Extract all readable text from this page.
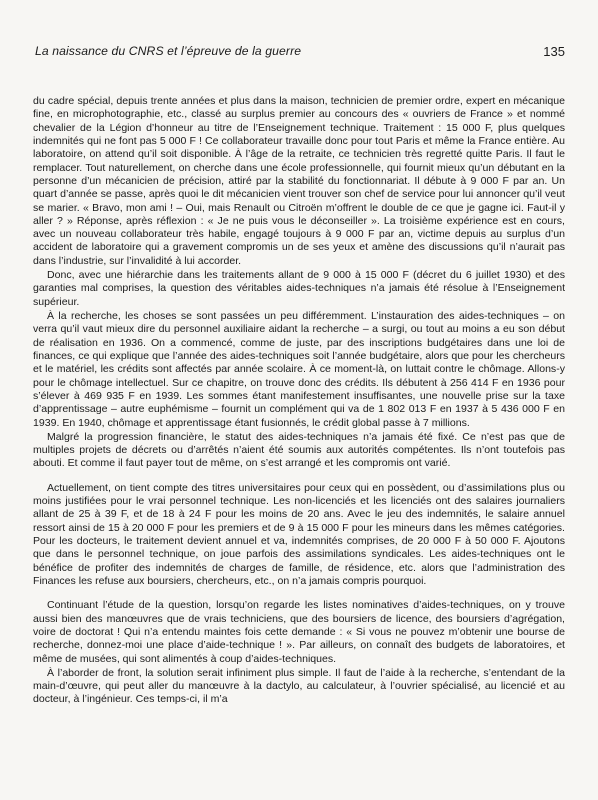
La naissance du CNRS et l’épreuve de la guerre	135

du cadre spécial, depuis trente années et plus dans la maison, technicien de premier ordre, expert en mécanique fine, en microphotographie, etc., classé au surplus premier au concours des « ouvriers de France » et nommé chevalier de la Légion d’honneur au titre de l’Enseignement technique. Traitement : 15 000 F, plus quelques indemnités qui ne font pas 5 000 F ! Ce collaborateur travaille donc pour tout Paris et même la France entière. Au laboratoire, on attend qu’il soit disponible. À l’âge de la retraite, ce technicien très regretté quitte Paris. Il faut le remplacer. Tout naturellement, on cherche dans une école professionnelle, qui fournit mieux qu’un débutant en la personne d’un mécanicien de précision, attiré par la stabilité du fonctionnariat. Il débute à 9 000 F par an. Un quart d’année se passe, après quoi le dit mécanicien vient trouver son chef de service pour lui annoncer qu’il veut se marier. « Bravo, mon ami ! – Oui, mais Renault ou Citroën m’offrent le double de ce que je gagne ici. Faut-il y aller ? » Réponse, après réflexion : « Je ne puis vous le déconseiller ». La troisième expérience est en cours, avec un nouveau collaborateur très habile, engagé toujours à 9 000 F par an, victime depuis au surplus d’un accident de laboratoire qui a gravement compromis un de ses yeux et amène des discussions qu’il n’aurait pas dans l’industrie, sur l’invalidité à lui accorder.

Donc, avec une hiérarchie dans les traitements allant de 9 000 à 15 000 F (décret du 6 juillet 1930) et des garanties mal comprises, la question des véritables aides-techniques n’a jamais été résolue à l’Enseignement supérieur.

À la recherche, les choses se sont passées un peu différemment. L’instauration des aides-techniques – on verra qu’il vaut mieux dire du personnel auxiliaire aidant la recherche – a surgi, ou tout au moins a eu son début de réalisation en 1936. On a commencé, comme de juste, par des inscriptions budgétaires dans une loi de finances, ce qui explique que l’année des aides-techniques soit l’année budgétaire, alors que pour les chercheurs et le matériel, les crédits sont affectés par année scolaire. À ce moment-là, on luttait contre le chômage. Allons-y pour le chômage intellectuel. Sur ce chapitre, on trouve donc des crédits. Ils débutent à 256 414 F en 1936 pour s’élever à 469 935 F en 1939. Les sommes étant manifestement insuffisantes, une nouvelle prise sur la taxe d’apprentissage – autre euphémisme – fournit un complément qui va de 1 802 013 F en 1937 à 5 436 000 F en 1939. En 1940, chômage et apprentissage étant fusionnés, le crédit global passe à 7 millions.

Malgré la progression financière, le statut des aides-techniques n’a jamais été fixé. Ce n’est pas que de multiples projets de décrets ou d’arrêtés n’aient été soumis aux autorités compétentes. Ils n’ont toutefois pas abouti. Et comme il faut payer tout de même, on s’est arrangé et les compromis ont varié.

Actuellement, on tient compte des titres universitaires pour ceux qui en possèdent, ou d’assimilations plus ou moins justifiées pour le vrai personnel technique. Les non-licenciés et les licenciés ont des salaires journaliers allant de 25 à 39 F, et de 18 à 24 F pour les moins de 20 ans. Avec le jeu des indemnités, le salaire annuel ressort ainsi de 15 à 20 000 F pour les premiers et de 9 à 15 000 F pour les mineurs dans les mêmes catégories. Pour les docteurs, le traitement devient annuel et va, indemnités comprises, de 20 000 F à 50 000 F. Ajoutons que dans le personnel technique, on joue parfois des assimilations syndicales. Les aides-techniques ont le bénéfice de profiter des indemnités de charges de famille, de résidence, etc. alors que l’administration des Finances les refuse aux boursiers, chercheurs, etc., on n’a jamais compris pourquoi.

Continuant l’étude de la question, lorsqu’on regarde les listes nominatives d’aides-techniques, on y trouve aussi bien des manœuvres que de vrais techniciens, que des boursiers de licence, des boursiers d’agrégation, voire de doctorat ! Qui n’a entendu maintes fois cette demande : « Si vous ne pouvez m’obtenir une bourse de recherche, donnez-moi une place d’aide-technique ! ». Par ailleurs, on connaît des budgets de laboratoires, et même de musées, qui sont alimentés à coup d’aides-techniques.

À l’aborder de front, la solution serait infiniment plus simple. Il faut de l’aide à la recherche, s’entendant de la main-d’œuvre, qui peut aller du manœuvre à la dactylo, au calculateur, à l’ouvrier spécialisé, au licencié et au docteur, à l’ingénieur. Ces temps-ci, il m’a
